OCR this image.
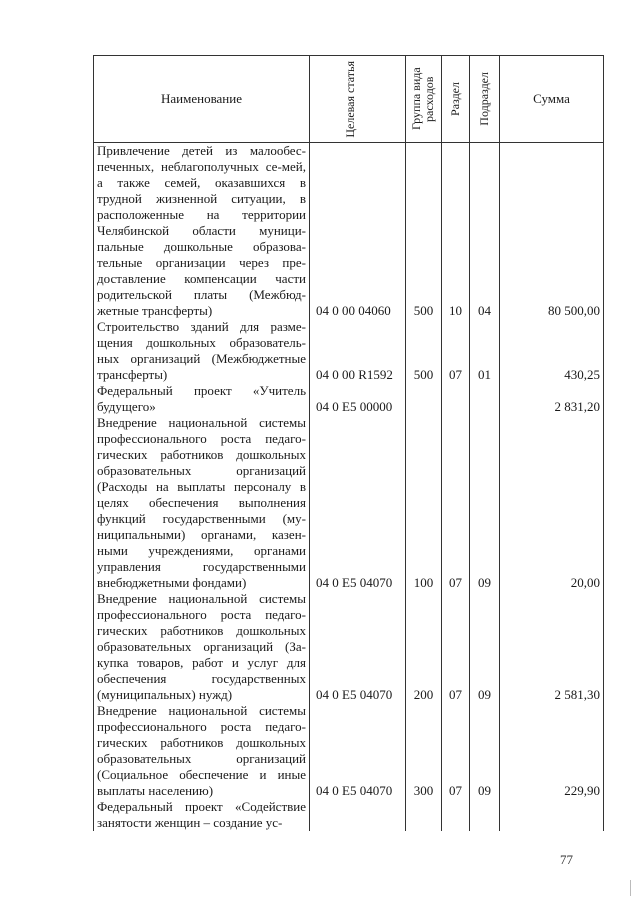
Наименование	Целевая статья	Группа вида расходов	Раздел	Подраздел	Сумма
Привлечение детей из малообес-печенных, неблагополучных се-мей, а также семей, оказавшихся в трудной жизненной ситуации, в расположенные на территории Челябинской области муници-пальные дошкольные образова-тельные организации через пре-доставление компенсации части родительской платы (Межбюд-жетные трансферты)	04 0 00 04060	500	10	04	80 500,00
Строительство зданий для разме-щения дошкольных образователь-ных организаций (Межбюджетные трансферты)	04 0 00 R1592	500	07	01	430,25
Федеральный проект «Учитель будущего»	04 0 E5 00000				2 831,20
Внедрение национальной системы профессионального роста педаго-гических работников дошкольных образовательных организаций (Расходы на выплаты персоналу в целях обеспечения выполнения функций государственными (му-ниципальными) органами, казен-ными учреждениями, органами управления государственными внебюджетными фондами)	04 0 E5 04070	100	07	09	20,00
Внедрение национальной системы профессионального роста педаго-гических работников дошкольных образовательных организаций (За-купка товаров, работ и услуг для обеспечения государственных (муниципальных) нужд)	04 0 E5 04070	200	07	09	2 581,30
Внедрение национальной системы профессионального роста педаго-гических работников дошкольных образовательных организаций (Социальное обеспечение и иные выплаты населению)	04 0 E5 04070	300	07	09	229,90
Федеральный проект «Содействие занятости женщин – создание ус-					
77
